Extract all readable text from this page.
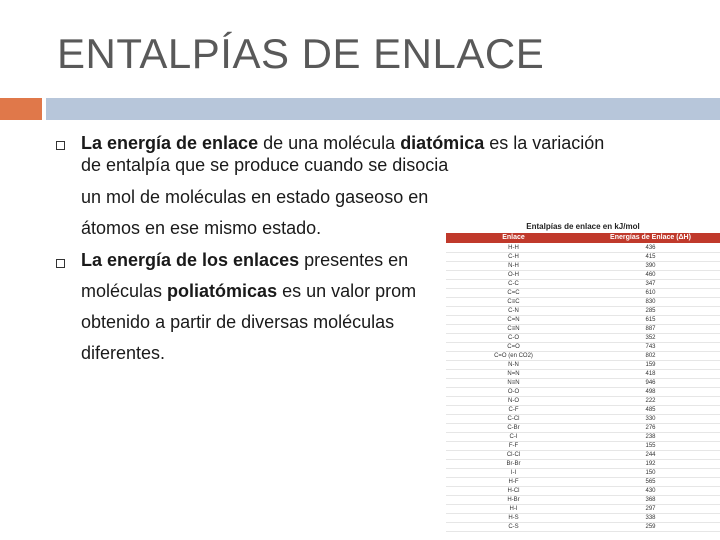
ENTALPÍAS DE ENLACE
La energía de enlace de una molécula diatómica es la variación
de entalpía que se produce cuando se disocia
un mol de moléculas en estado gaseoso en
átomos en ese mismo estado.
La energía de los enlaces presentes en
moléculas poliatómicas es un valor prom
obtenido a partir de diversas moléculas
diferentes.
Entalpías de enlace en kJ/mol
Enlace	Energías de Enlace (ΔH)
H-H	436
C-H	415
N-H	390
O-H	460
C-C	347
C=C	610
C≡C	830
C-N	285
C=N	615
C≡N	887
C-O	352
C=O	743
C=O (en CO2)	802
N-N	159
N=N	418
N≡N	946
O-O	498
N-O	222
C-F	485
C-Cl	330
C-Br	276
C-I	238
F-F	155
Cl-Cl	244
Br-Br	192
I-I	150
H-F	565
H-Cl	430
H-Br	368
H-I	297
H-S	338
C-S	259
